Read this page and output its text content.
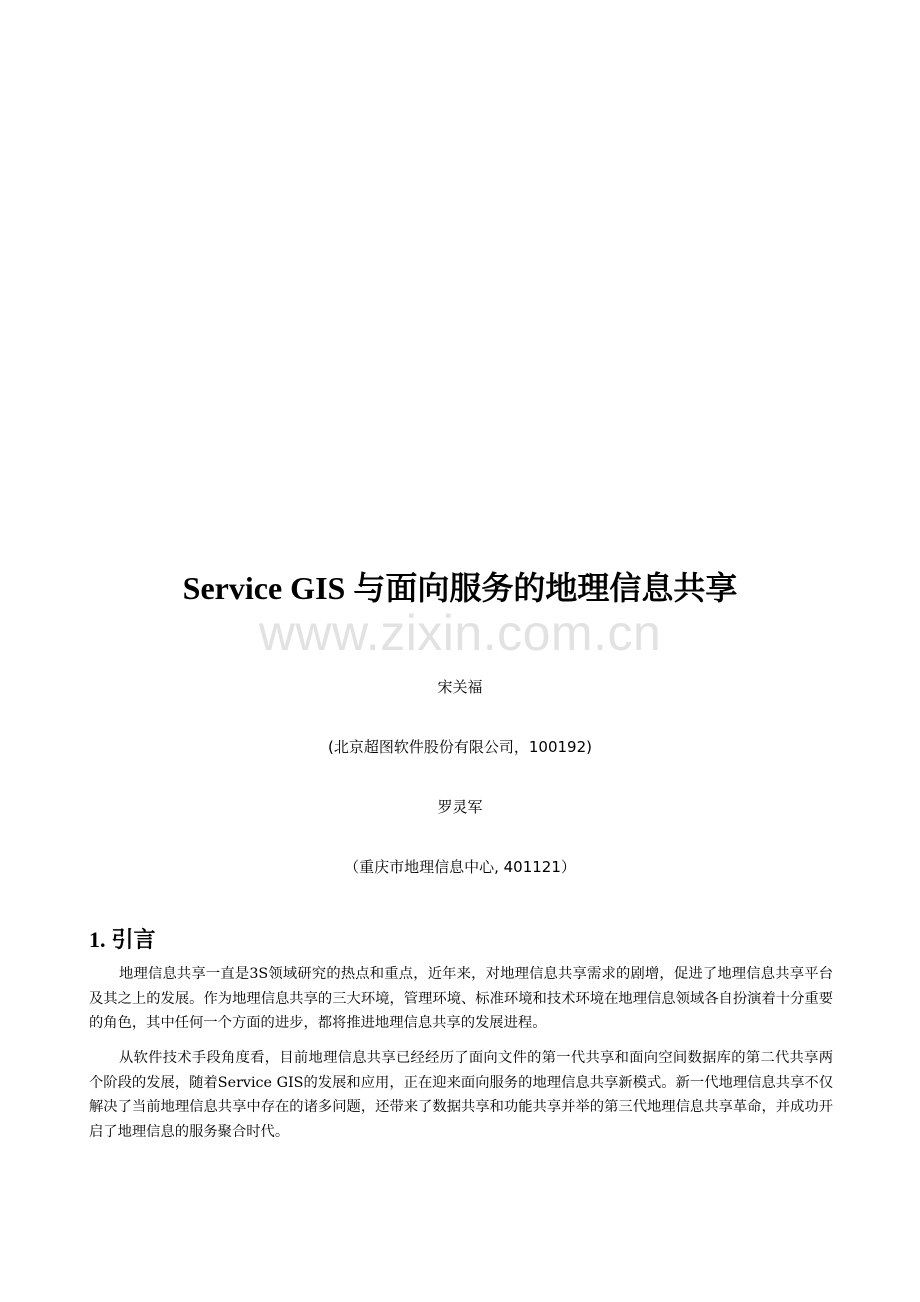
Service GIS 与面向服务的地理信息共享
www.zixin.com.cn
宋关福
(北京超图软件股份有限公司，100192)
罗灵军
（重庆市地理信息中心, 401121）
1. 引言

地理信息共享一直是3S领域研究的热点和重点，近年来，对地理信息共享需求的剧增，促进了地理信息共享平台及其之上的发展。作为地理信息共享的三大环境，管理环境、标准环境和技术环境在地理信息领域各自扮演着十分重要的角色，其中任何一个方面的进步，都将推进地理信息共享的发展进程。

从软件技术手段角度看，目前地理信息共享已经经历了面向文件的第一代共享和面向空间数据库的第二代共享两个阶段的发展，随着Service GIS的发展和应用，正在迎来面向服务的地理信息共享新模式。新一代地理信息共享不仅解决了当前地理信息共享中存在的诸多问题，还带来了数据共享和功能共享并举的第三代地理信息共享革命，并成功开启了地理信息的服务聚合时代。
